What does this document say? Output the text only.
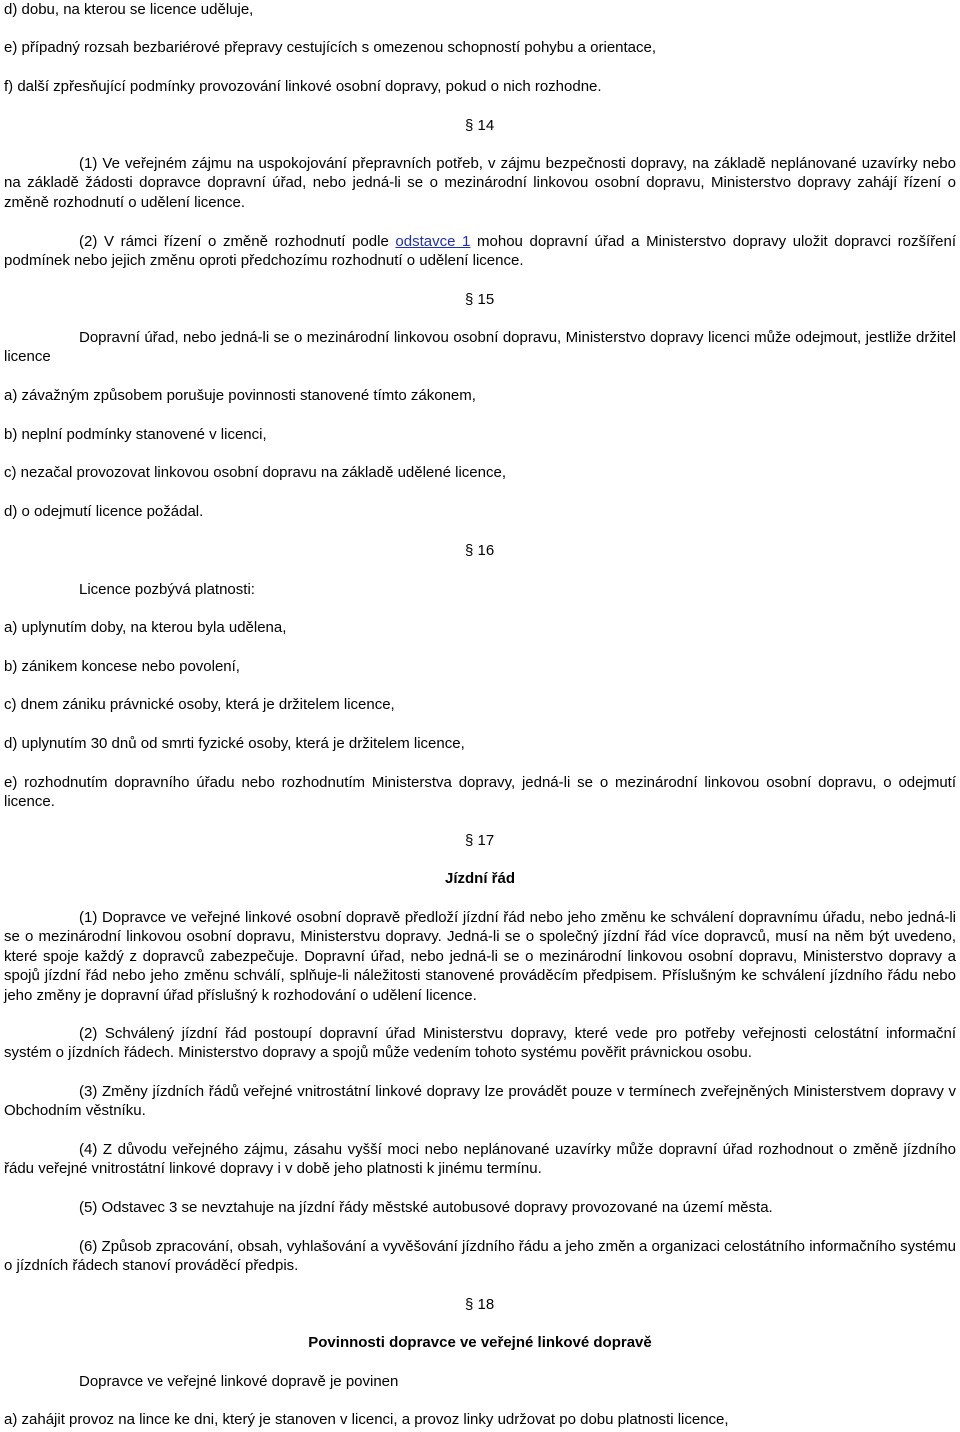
d) dobu, na kterou se licence uděluje,

e) případný rozsah bezbariérové přepravy cestujících s omezenou schopností pohybu a orientace,

f) další zpřesňující podmínky provozování linkové osobní dopravy, pokud o nich rozhodne.

§ 14

(1) Ve veřejném zájmu na uspokojování přepravních potřeb, v zájmu bezpečnosti dopravy, na základě neplánované uzavírky nebo na základě žádosti dopravce dopravní úřad, nebo jedná-li se o mezinárodní linkovou osobní dopravu, Ministerstvo dopravy zahájí řízení o změně rozhodnutí o udělení licence.

(2) V rámci řízení o změně rozhodnutí podle odstavce 1 mohou dopravní úřad a Ministerstvo dopravy uložit dopravci rozšíření podmínek nebo jejich změnu oproti předchozímu rozhodnutí o udělení licence.

§ 15

Dopravní úřad, nebo jedná-li se o mezinárodní linkovou osobní dopravu, Ministerstvo dopravy licenci může odejmout, jestliže držitel licence

a) závažným způsobem porušuje povinnosti stanovené tímto zákonem,

b) neplní podmínky stanovené v licenci,

c) nezačal provozovat linkovou osobní dopravu na základě udělené licence,

d) o odejmutí licence požádal.

§ 16

Licence pozbývá platnosti:

a) uplynutím doby, na kterou byla udělena,

b) zánikem koncese nebo povolení,

c) dnem zániku právnické osoby, která je držitelem licence,

d) uplynutím 30 dnů od smrti fyzické osoby, která je držitelem licence,

e) rozhodnutím dopravního úřadu nebo rozhodnutím Ministerstva dopravy, jedná-li se o mezinárodní linkovou osobní dopravu, o odejmutí licence.

§ 17
Jízdní řád

(1) Dopravce ve veřejné linkové osobní dopravě předloží jízdní řád nebo jeho změnu ke schválení dopravnímu úřadu, nebo jedná-li se o mezinárodní linkovou osobní dopravu, Ministerstvu dopravy. Jedná-li se o společný jízdní řád více dopravců, musí na něm být uvedeno, které spoje každý z dopravců zabezpečuje. Dopravní úřad, nebo jedná-li se o mezinárodní linkovou osobní dopravu, Ministerstvo dopravy a spojů jízdní řád nebo jeho změnu schválí, splňuje-li náležitosti stanovené prováděcím předpisem. Příslušným ke schválení jízdního řádu nebo jeho změny je dopravní úřad příslušný k rozhodování o udělení licence.

(2) Schválený jízdní řád postoupí dopravní úřad Ministerstvu dopravy, které vede pro potřeby veřejnosti celostátní informační systém o jízdních řádech. Ministerstvo dopravy a spojů může vedením tohoto systému pověřit právnickou osobu.

(3) Změny jízdních řádů veřejné vnitrostátní linkové dopravy lze provádět pouze v termínech zveřejněných Ministerstvem dopravy v Obchodním věstníku.

(4) Z důvodu veřejného zájmu, zásahu vyšší moci nebo neplánované uzavírky může dopravní úřad rozhodnout o změně jízdního řádu veřejné vnitrostátní linkové dopravy i v době jeho platnosti k jinému termínu.

(5) Odstavec 3 se nevztahuje na jízdní řády městské autobusové dopravy provozované na území města.

(6) Způsob zpracování, obsah, vyhlašování a vyvěšování jízdního řádu a jeho změn a organizaci celostátního informačního systému o jízdních řádech stanoví prováděcí předpis.

§ 18
Povinnosti dopravce ve veřejné linkové dopravě

Dopravce ve veřejné linkové dopravě je povinen

a) zahájit provoz na lince ke dni, který je stanoven v licenci, a provoz linky udržovat po dobu platnosti licence,
